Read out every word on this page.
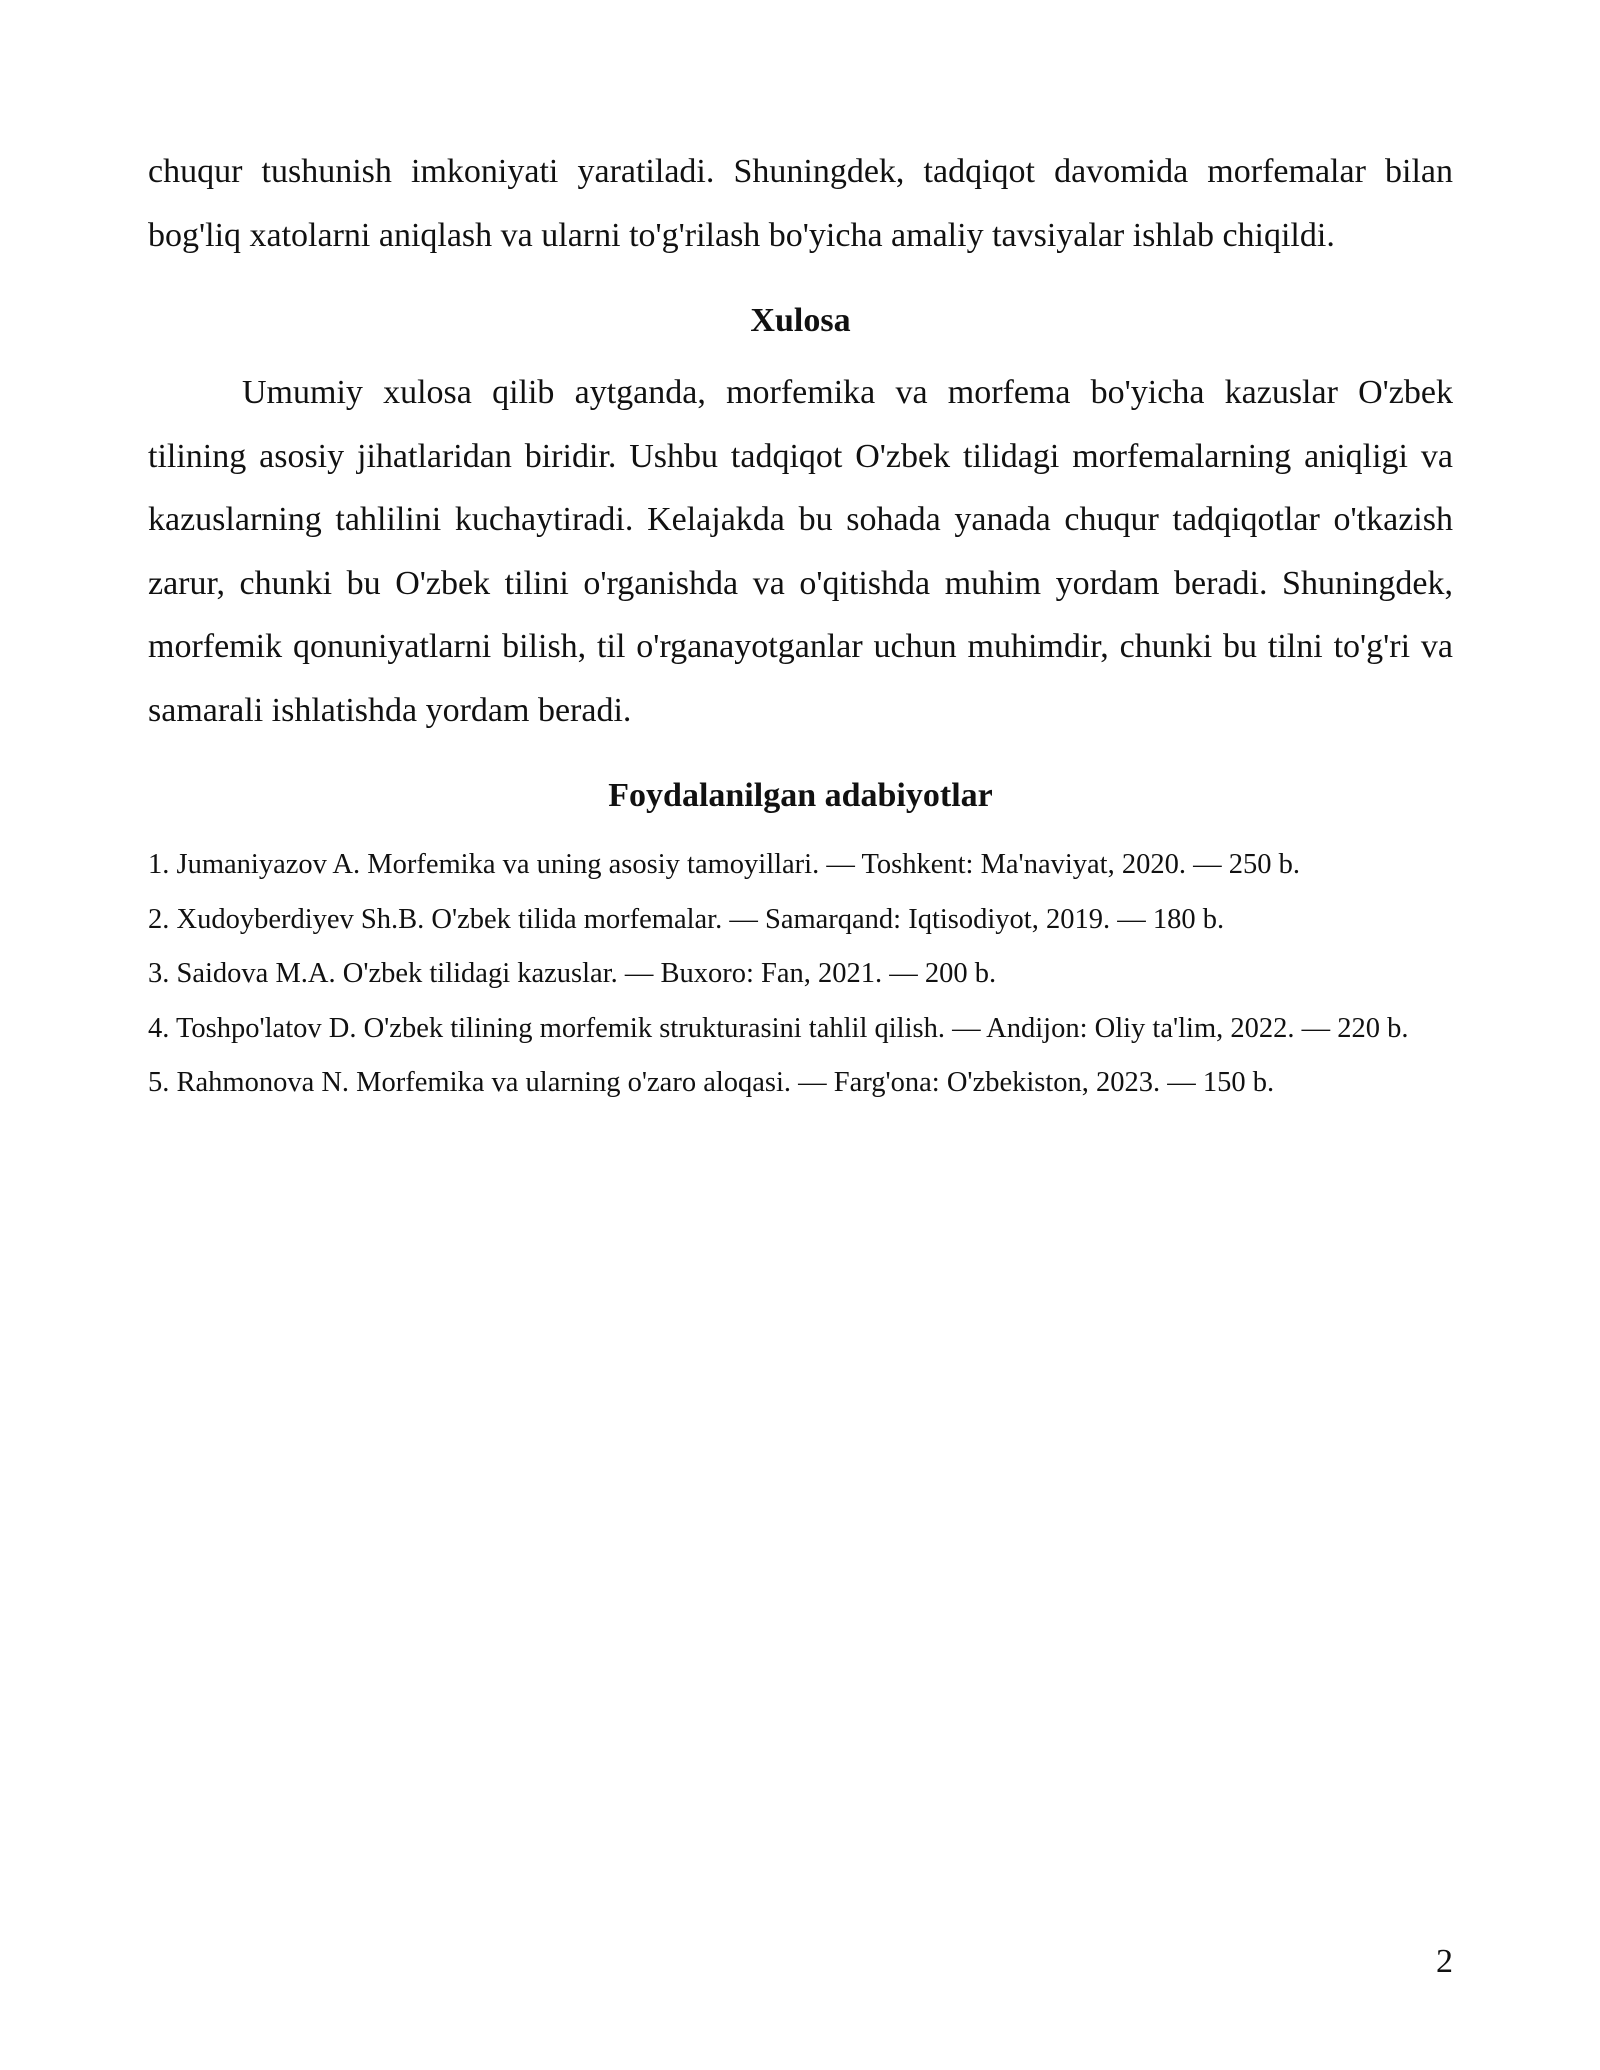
chuqur tushunish imkoniyati yaratiladi. Shuningdek, tadqiqot davomida morfemalar bilan bog'liq xatolarni aniqlash va ularni to'g'rilash bo'yicha amaliy tavsiyalar ishlab chiqildi.

Xulosa

Umumiy xulosa qilib aytganda, morfemika va morfema bo'yicha kazuslar O'zbek tilining asosiy jihatlaridan biridir. Ushbu tadqiqot O'zbek tilidagi morfemalarning aniqligi va kazuslarning tahlilini kuchaytiradi. Kelajakda bu sohada yanada chuqur tadqiqotlar o'tkazish zarur, chunki bu O'zbek tilini o'rganishda va o'qitishda muhim yordam beradi. Shuningdek, morfemik qonuniyatlarni bilish, til o'rganayotganlar uchun muhimdir, chunki bu tilni to'g'ri va samarali ishlatishda yordam beradi.

Foydalanilgan adabiyotlar
1. Jumaniyazov A. Morfemika va uning asosiy tamoyillari. — Toshkent: Ma'naviyat, 2020. — 250 b.
2. Xudoyberdiyev Sh.B. O'zbek tilida morfemalar. — Samarqand: Iqtisodiyot, 2019. — 180 b.
3. Saidova M.A. O'zbek tilidagi kazuslar. — Buxoro: Fan, 2021. — 200 b.
4. Toshpo'latov D. O'zbek tilining morfemik strukturasini tahlil qilish. — Andijon: Oliy ta'lim, 2022. — 220 b.
5. Rahmonova N. Morfemika va ularning o'zaro aloqasi. — Farg'ona: O'zbekiston, 2023. — 150 b.
2
